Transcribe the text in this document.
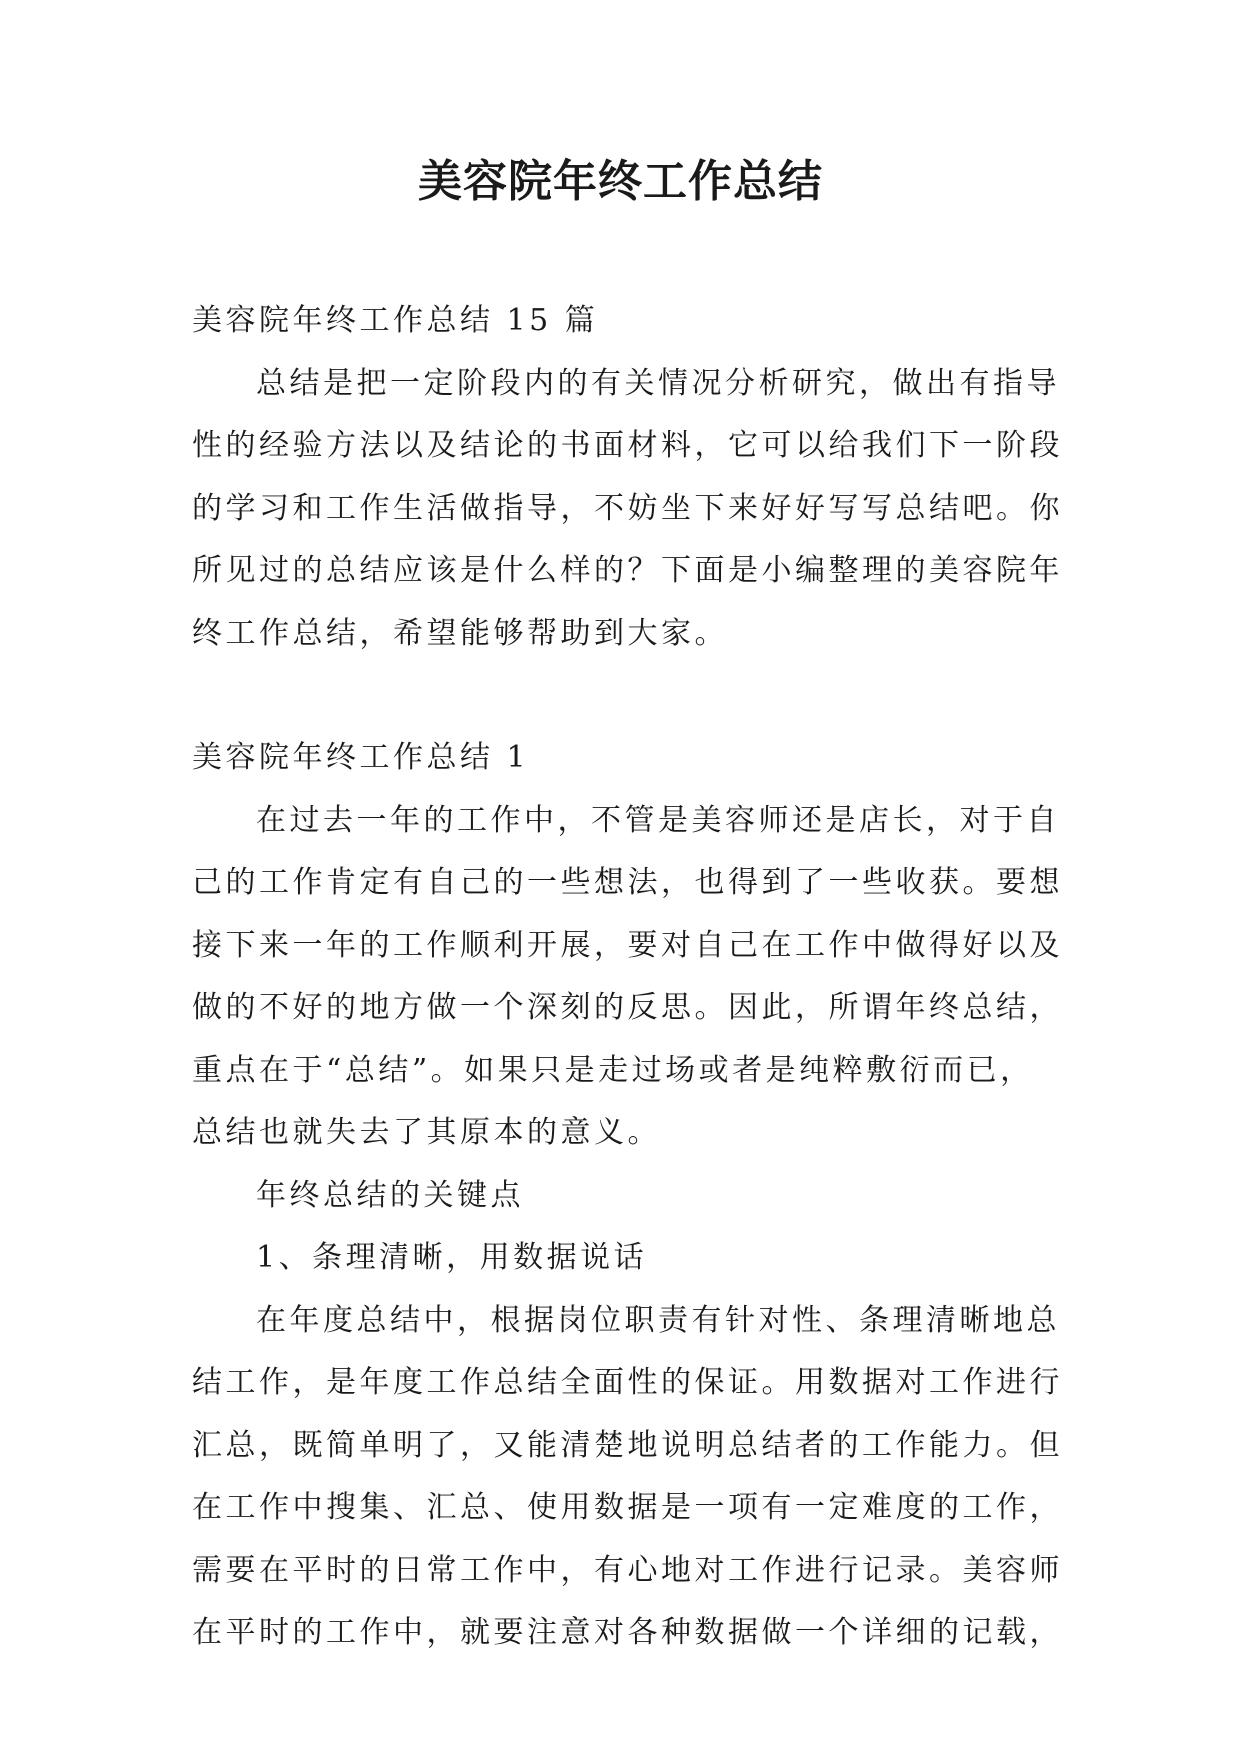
美容院年终工作总结

美容院年终工作总结 15 篇

总结是把一定阶段内的有关情况分析研究，做出有指导性的经验方法以及结论的书面材料，它可以给我们下一阶段的学习和工作生活做指导，不妨坐下来好好写写总结吧。你所见过的总结应该是什么样的？下面是小编整理的美容院年终工作总结，希望能够帮助到大家。

美容院年终工作总结 1

在过去一年的工作中，不管是美容师还是店长，对于自己的工作肯定有自己的一些想法，也得到了一些收获。要想接下来一年的工作顺利开展，要对自己在工作中做得好以及做的不好的地方做一个深刻的反思。因此，所谓年终总结，重点在于“总结”。如果只是走过场或者是纯粹敷衍而已，总结也就失去了其原本的意义。

年终总结的关键点

1、条理清晰，用数据说话

在年度总结中，根据岗位职责有针对性、条理清晰地总结工作，是年度工作总结全面性的保证。用数据对工作进行汇总，既简单明了，又能清楚地说明总结者的工作能力。但在工作中搜集、汇总、使用数据是一项有一定难度的工作，需要在平时的日常工作中，有心地对工作进行记录。美容师在平时的工作中，就要注意对各种数据做一个详细的记载，
